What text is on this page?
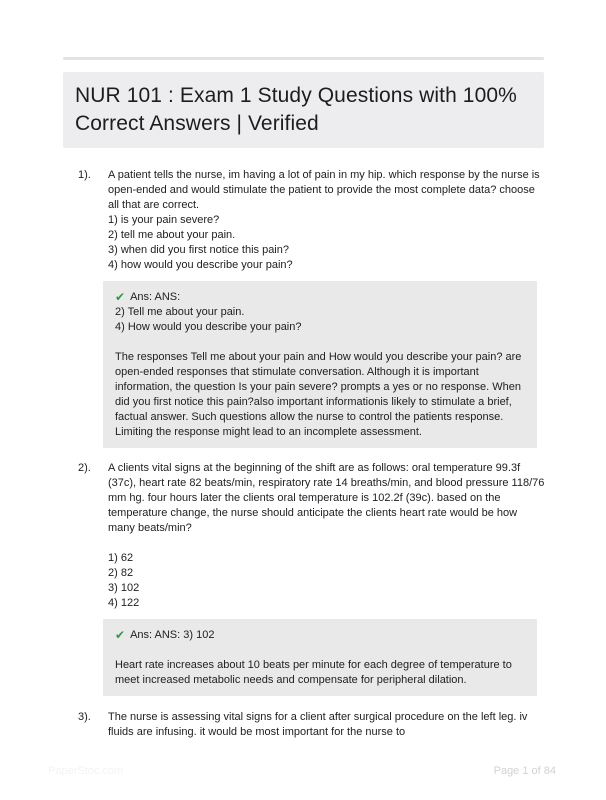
NUR 101 : Exam 1 Study Questions with 100% Correct Answers | Verified
1). A patient tells the nurse, im having a lot of pain in my hip. which response by the nurse is open-ended and would stimulate the patient to provide the most complete data? choose all that are correct.
1) is your pain severe?
2) tell me about your pain.
3) when did you first notice this pain?
4) how would you describe your pain?
✔ Ans: ANS:
2) Tell me about your pain.
4) How would you describe your pain?
The responses Tell me about your pain and How would you describe your pain? are open-ended responses that stimulate conversation. Although it is important information, the question Is your pain severe? prompts a yes or no response. When did you first notice this pain?also important informationis likely to stimulate a brief, factual answer. Such questions allow the nurse to control the patients response. Limiting the response might lead to an incomplete assessment.
2). A clients vital signs at the beginning of the shift are as follows: oral temperature 99.3f (37c), heart rate 82 beats/min, respiratory rate 14 breaths/min, and blood pressure 118/76 mm hg. four hours later the clients oral temperature is 102.2f (39c). based on the temperature change, the nurse should anticipate the clients heart rate would be how many beats/min?
1) 62
2) 82
3) 102
4) 122
✔ Ans: ANS: 3) 102
Heart rate increases about 10 beats per minute for each degree of temperature to meet increased metabolic needs and compensate for peripheral dilation.
3). The nurse is assessing vital signs for a client after surgical procedure on the left leg. iv fluids are infusing. it would be most important for the nurse to
PaperStoc.com	Page 1 of 84
